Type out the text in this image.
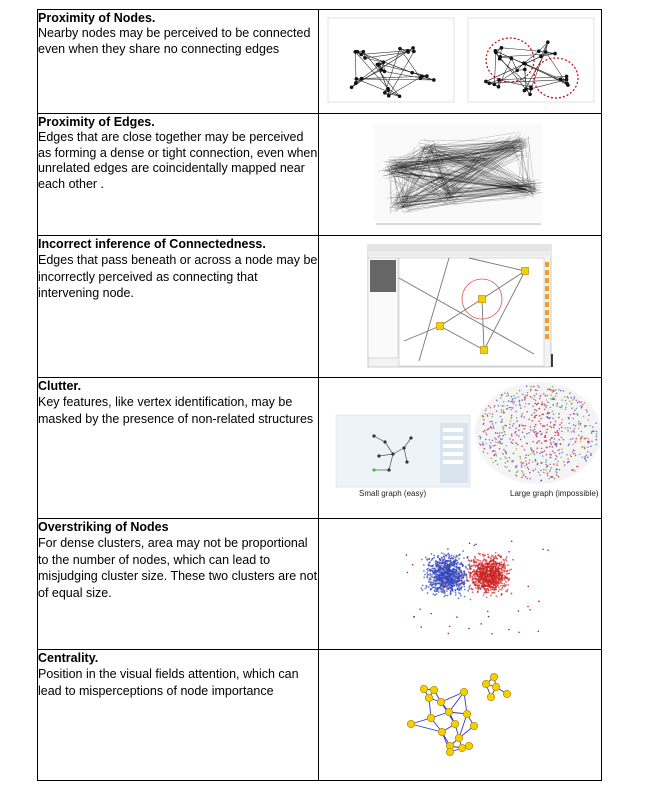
Proximity of Nodes.
Nearby nodes may be perceived to be connected even when they share no connecting edges

Proximity of Edges.
Edges that are close together may be perceived as forming a dense or tight connection, even when unrelated edges are coincidentally mapped near each other .

Incorrect inference of Connectedness.
Edges that pass beneath or across a node may be incorrectly perceived as connecting that intervening node.

Clutter.
Key features, like vertex identification, may be masked by the presence of non-related structures	Small graph (easy) Large graph (impossible)

Overstriking of Nodes
For dense clusters, area may not be proportional to the number of nodes, which can lead to misjudging cluster size. These two clusters are not of equal size.

Centrality.
Position in the visual fields attention, which can lead to misperceptions of node importance
